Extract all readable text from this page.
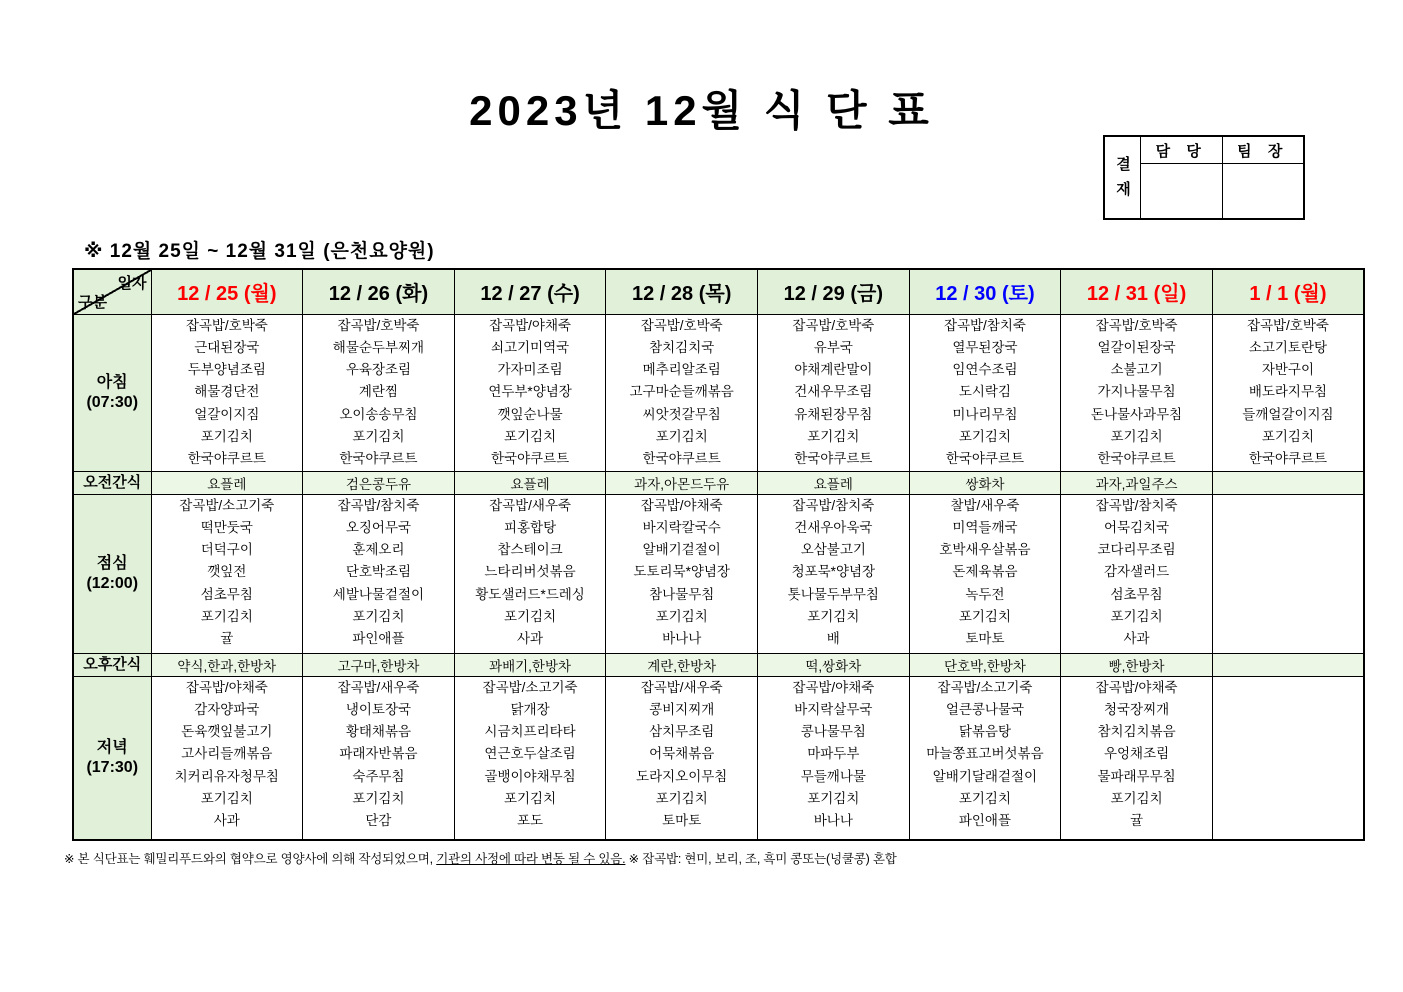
2023년 12월 식 단 표
결재
담 당	팀 장
※ 12월 25일 ~ 12월 31일 (은천요양원)
일자
구분	12 / 25 (월)	12 / 26 (화)	12 / 27 (수)	12 / 28 (목)	12 / 29 (금)	12 / 30 (토)	12 / 31 (일)	1 / 1 (월)

아침
(07:30)

잡곡밥/호박죽
근대된장국
두부양념조림
해물경단전
얼갈이지짐
포기김치
한국야쿠르트

잡곡밥/호박죽
해물순두부찌개
우육장조림
계란찜
오이송송무침
포기김치
한국야쿠르트

잡곡밥/야채죽
쇠고기미역국
가자미조림
연두부*양념장
깻잎순나물
포기김치
한국야쿠르트

잡곡밥/호박죽
참치김치국
메추리알조림
고구마순들깨볶음
씨앗젓갈무침
포기김치
한국야쿠르트

잡곡밥/호박죽
유부국
야채계란말이
건새우무조림
유채된장무침
포기김치
한국야쿠르트

잡곡밥/참치죽
열무된장국
임연수조림
도시락김
미나리무침
포기김치
한국야쿠르트

잡곡밥/호박죽
얼갈이된장국
소불고기
가지나물무침
돈나물사과무침
포기김치
한국야쿠르트

잡곡밥/호박죽
소고기토란탕
자반구이
배도라지무침
들깨얼갈이지짐
포기김치
한국야쿠르트

오전간식	요플레	검은콩두유	요플레	과자,아몬드두유	요플레	쌍화차	과자,과일주스	

점심
(12:00)

잡곡밥/소고기죽
떡만둣국
더덕구이
깻잎전
섬초무침
포기김치
귤

잡곡밥/참치죽
오징어무국
훈제오리
단호박조림
세발나물겉절이
포기김치
파인애플

잡곡밥/새우죽
피홍합탕
찹스테이크
느타리버섯볶음
황도샐러드*드레싱
포기김치
사과

잡곡밥/야채죽
바지락칼국수
알배기겉절이
도토리묵*양념장
참나물무침
포기김치
바나나

잡곡밥/참치죽
건새우아욱국
오삼불고기
청포묵*양념장
톳나물두부무침
포기김치
배

찰밥/새우죽
미역들깨국
호박새우살볶음
돈제육볶음
녹두전
포기김치
토마토

잡곡밥/참치죽
어묵김치국
코다리무조림
감자샐러드
섬초무침
포기김치
사과

오후간식	약식,한과,한방차	고구마,한방차	꽈배기,한방차	계란,한방차	떡,쌍화차	단호박,한방차	빵,한방차	

저녁
(17:30)

잡곡밥/야채죽
감자양파국
돈육깻잎불고기
고사리들깨볶음
치커리유자청무침
포기김치
사과

잡곡밥/새우죽
냉이토장국
황태채볶음
파래자반볶음
숙주무침
포기김치
단감

잡곡밥/소고기죽
닭개장
시금치프리타타
연근호두살조림
골뱅이야채무침
포기김치
포도

잡곡밥/새우죽
콩비지찌개
삼치무조림
어묵채볶음
도라지오이무침
포기김치
토마토

잡곡밥/야채죽
바지락살무국
콩나물무침
마파두부
무들깨나물
포기김치
바나나

잡곡밥/소고기죽
얼큰콩나물국
닭볶음탕
마늘쫑표고버섯볶음
알배기달래겉절이
포기김치
파인애플

잡곡밥/야채죽
청국장찌개
참치김치볶음
우엉채조림
물파래무무침
포기김치
귤

※ 본 식단표는 훼밀리푸드와의 협약으로 영양사에 의해 작성되었으며, 기관의 사정에 따라 변동 될 수 있음. ※ 잡곡밥: 현미, 보리, 조, 흑미 콩또는(넝쿨콩) 혼합
